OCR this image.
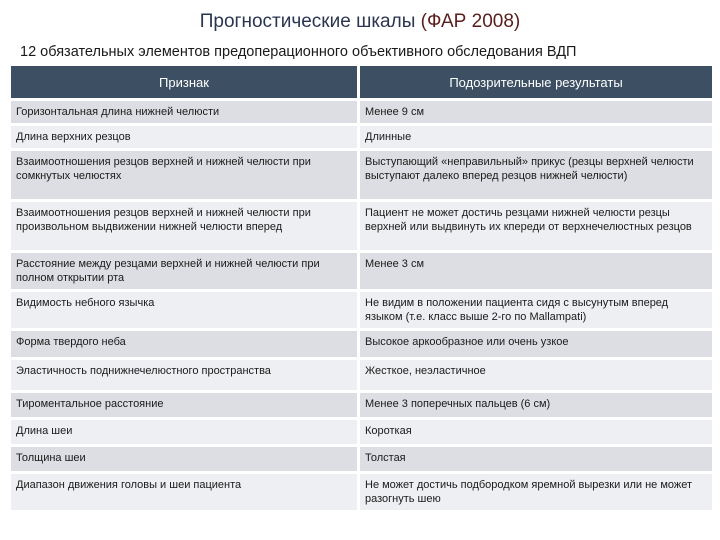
Прогностические шкалы (ФАР 2008)
12 обязательных элементов предоперационного объективного обследования ВДП
Признак	Подозрительные результаты
Горизонтальная длина нижней челюсти	Менее 9 см
Длина верхних резцов	Длинные
Взаимоотношения резцов верхней и нижней челюсти при сомкнутых челюстях	Выступающий «неправильный» прикус (резцы верхней челюсти выступают далеко вперед резцов нижней челюсти)
Взаимоотношения резцов верхней и нижней челюсти при произвольном выдвижении нижней челюсти вперед	Пациент не может достичь резцами нижней челюсти резцы верхней или выдвинуть их кпереди от верхнечелюстных резцов
Расстояние между резцами верхней и нижней челюсти при полном открытии рта	Менее 3 см
Видимость небного язычка	Не видим в положении пациента сидя с высунутым вперед языком (т.е. класс выше 2-го по Mallampati)
Форма твердого неба	Высокое аркообразное или очень узкое
Эластичность поднижнечелюстного пространства	Жесткое, неэластичное
Тироментальное расстояние	Менее 3 поперечных пальцев (6 см)
Длина шеи	Короткая
Толщина шеи	Толстая
Диапазон движения головы и шеи пациента	Не может достичь подбородком яремной вырезки или не может разогнуть шею
